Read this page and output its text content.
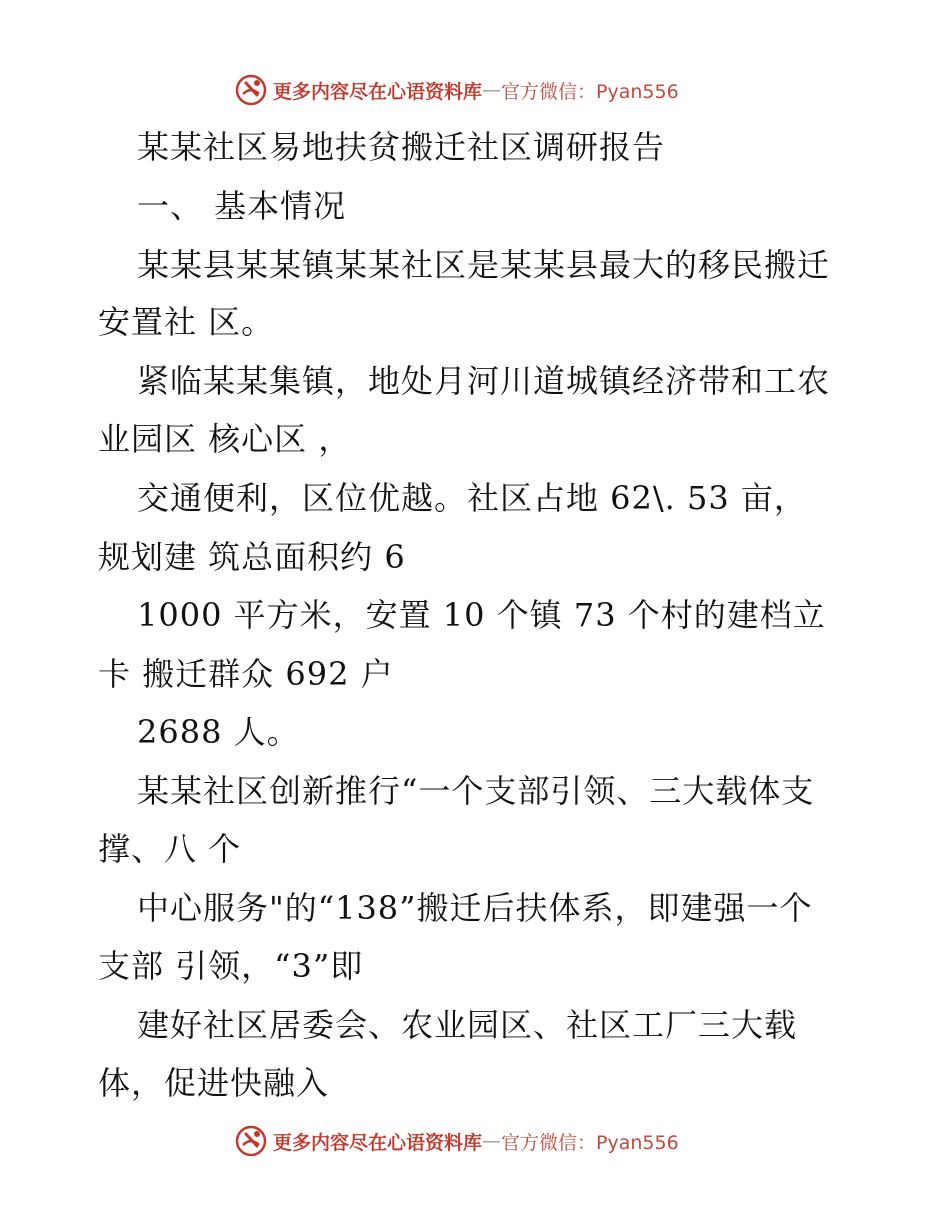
更多内容尽在心语资料库 — 官方微信：Pyan556
某某社区易地扶贫搬迁社区调研报告
一、 基本情况
某某县某某镇某某社区是某某县最大的移民搬迁
安置社 区。
紧临某某集镇，地处月河川道城镇经济带和工农
业园区 核心区 ，
交通便利，区位优越。社区占地 62\. 53 亩，
规划建 筑总面积约 6
1000 平方米，安置 10 个镇 73 个村的建档立
卡 搬迁群众 692 户
2688 人。
某某社区创新推行“一个支部引领、三大载体支
撑、八 个
中心服务"的“138”搬迁后扶体系，即建强一个
支部 引领，“3”即
建好社区居委会、农业园区、社区工厂三大载
体，促进快融入
更多内容尽在心语资料库 — 官方微信：Pyan556
